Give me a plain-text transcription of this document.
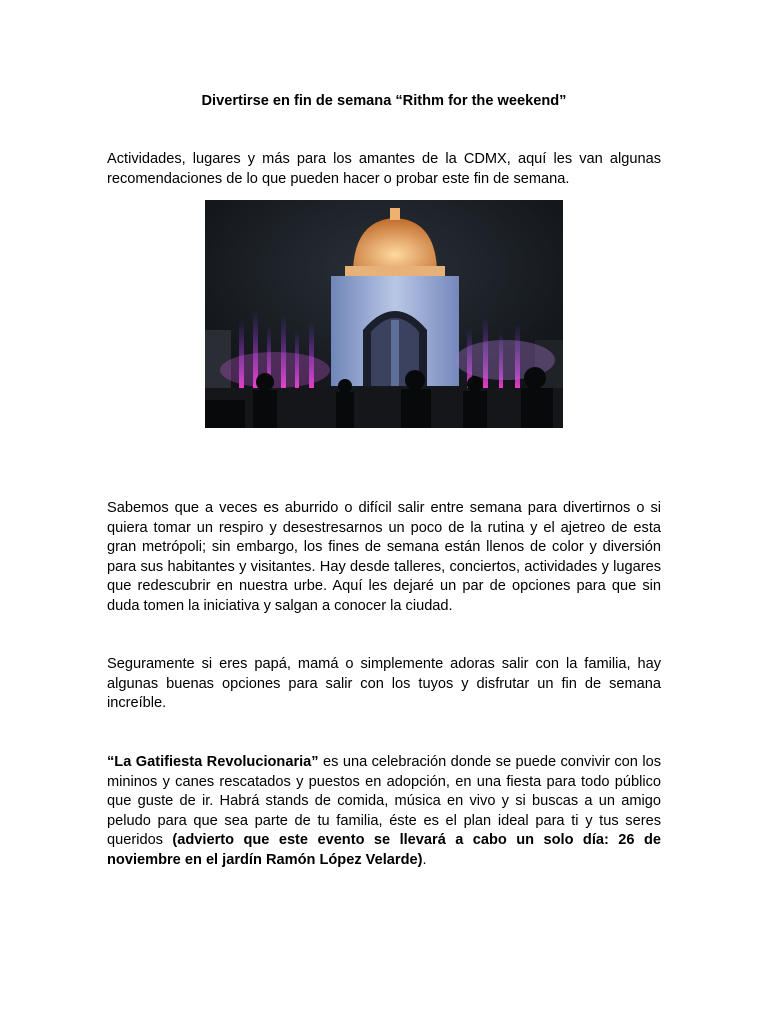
Divertirse en fin de semana “Rithm for the weekend”

Actividades, lugares y más para los amantes de la CDMX, aquí les van algunas recomendaciones de lo que pueden hacer o probar este fin de semana.

Sabemos que a veces es aburrido o difícil salir entre semana para divertirnos o si quiera tomar un respiro y desestresarnos un poco de la rutina y el ajetreo de esta gran metrópoli; sin embargo, los fines de semana están llenos de color y diversión para sus habitantes y visitantes. Hay desde talleres, conciertos, actividades y lugares que redescubrir en nuestra urbe. Aquí les dejaré un par de opciones para que sin duda tomen la iniciativa y salgan a conocer la ciudad.

Seguramente si eres papá, mamá o simplemente adoras salir con la familia, hay algunas buenas opciones para salir con los tuyos y disfrutar un fin de semana increíble.

“La Gatifiesta Revolucionaria” es una celebración donde se puede convivir con los mininos y canes rescatados y puestos en adopción, en una fiesta para todo público que guste de ir. Habrá stands de comida, música en vivo y si buscas a un amigo peludo para que sea parte de tu familia, éste es el plan ideal para ti y tus seres queridos (advierto que este evento se llevará a cabo un solo día: 26 de noviembre en el jardín Ramón López Velarde).
